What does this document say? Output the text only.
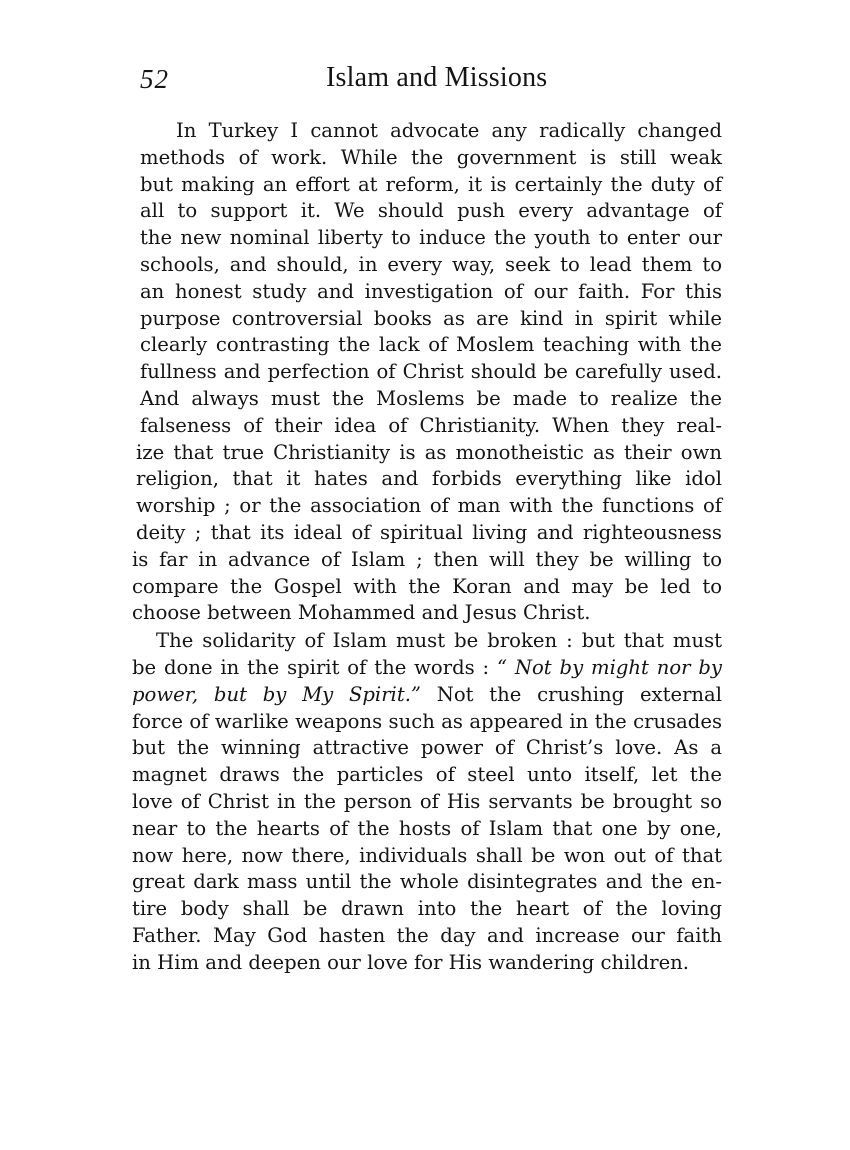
52	Islam and Missions
In Turkey I cannot advocate any radically changed
methods of work. While the government is still weak
but making an effort at reform, it is certainly the duty of
all to support it. We should push every advantage of
the new nominal liberty to induce the youth to enter our
schools, and should, in every way, seek to lead them to
an honest study and investigation of our faith. For this
purpose controversial books as are kind in spirit while
clearly contrasting the lack of Moslem teaching with the
fullness and perfection of Christ should be carefully used.
And always must the Moslems be made to realize the
falseness of their idea of Christianity. When they real-
ize that true Christianity is as monotheistic as their own
religion, that it hates and forbids everything like idol
worship ; or the association of man with the functions of
deity ; that its ideal of spiritual living and righteousness
is far in advance of Islam ; then will they be willing to
compare the Gospel with the Koran and may be led to
choose between Mohammed and Jesus Christ.
The solidarity of Islam must be broken : but that must
be done in the spirit of the words : “ Not by might nor by
power, but by My Spirit.” Not the crushing external
force of warlike weapons such as appeared in the crusades
but the winning attractive power of Christ’s love. As a
magnet draws the particles of steel unto itself, let the
love of Christ in the person of His servants be brought so
near to the hearts of the hosts of Islam that one by one,
now here, now there, individuals shall be won out of that
great dark mass until the whole disintegrates and the en-
tire body shall be drawn into the heart of the loving
Father. May God hasten the day and increase our faith
in Him and deepen our love for His wandering children.
